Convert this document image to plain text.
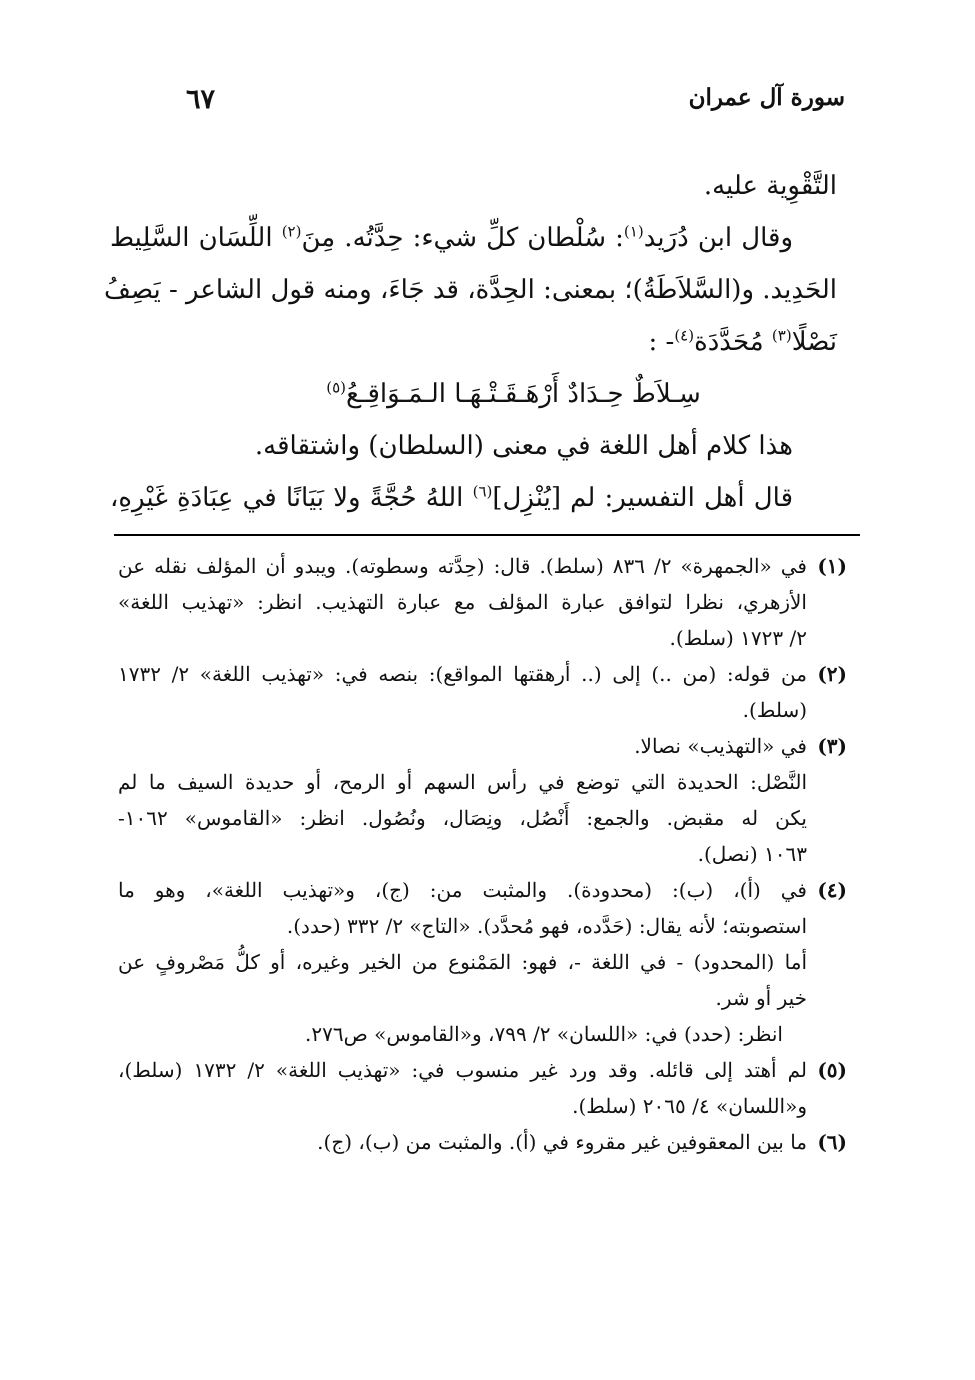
سورة آل عمران
٦٧

التَّقْوِية عليه.

وقال ابن دُرَيد$^{(١)}$: سُلْطان كلِّ شيء: حِدَّتُه. مِنَ$^{(٢)}$ اللِّسَان السَّلِيط

الحَدِيد. و(السَّلاَطَةُ)؛ بمعنى: الحِدَّة، قد جَاءَ، ومنه قول الشاعر - يَصِفُ

نَصْلًا$^{(٣)}$ مُحَدَّدَة$^{(٤)}$- :

سِـلاَطٌ حِـدَادٌ أَرْهَـقَـتْـهَـا الـمَـوَاقِـعُ$^{(٥)}$

هذا كلام أهل اللغة في معنى (السلطان) واشتقاقه.

قال أهل التفسير: لم [يُنْزِل]$^{(٦)}$ اللهُ حُجَّةً ولا بَيَانًا في عِبَادَةِ غَيْرِهِ،

(١)
في «الجمهرة» ٢/ ٨٣٦ (سلط). قال: (حِدَّته وسطوته). ويبدو أن المؤلف نقله عن
الأزهري، نظرا لتوافق عبارة المؤلف مع عبارة التهذيب. انظر: «تهذيب اللغة»
٢/ ١٧٢٣ (سلط).
(٢)
من قوله: (من ..) إلى (.. أرهقتها المواقع): بنصه في: «تهذيب اللغة» ٢/ ١٧٣٢
(سلط).
(٣)
في «التهذيب» نصالا.
النَّصْل: الحديدة التي توضع في رأس السهم أو الرمح، أو حديدة السيف ما لم
يكن له مقبض. والجمع: أَنْصُل، ونِصَال، ونُصُول. انظر: «القاموس» ١٠٦٢-
١٠٦٣ (نصل).
(٤)
في (أ)، (ب): (محدودة). والمثبت من: (ج)، و«تهذيب اللغة»، وهو ما
استصوبته؛ لأنه يقال: (حَدَّده، فهو مُحدَّد). «التاج» ٢/ ٣٣٢ (حدد).
أما (المحدود) - في اللغة -، فهو: المَمْنوع من الخير وغيره، أو كلُّ مَصْروفٍ عن
خير أو شر.
انظر: (حدد) في: «اللسان» ٢/ ٧٩٩، و«القاموس» ص٢٧٦.
(٥)
لم أهتد إلى قائله. وقد ورد غير منسوب في: «تهذيب اللغة» ٢/ ١٧٣٢ (سلط)،
و«اللسان» ٤/ ٢٠٦٥ (سلط).
(٦)
ما بين المعقوفين غير مقروء في (أ). والمثبت من (ب)، (ج).
